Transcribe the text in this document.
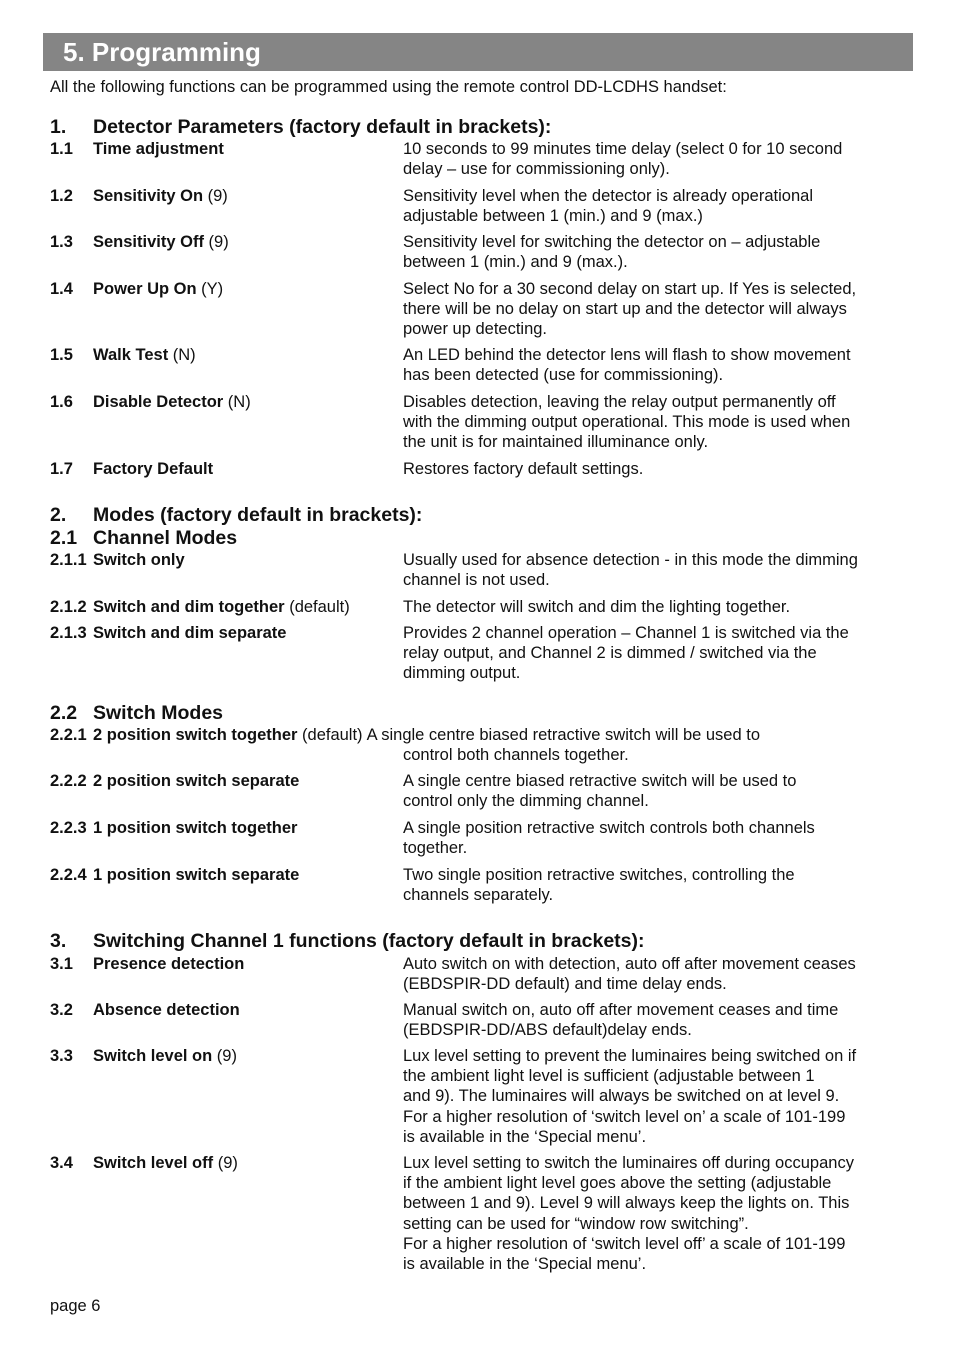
5. Programming
All the following functions can be programmed using the remote control DD-LCDHS handset:
1. Detector Parameters (factory default in brackets):
1.1 Time adjustment	10 seconds to 99 minutes time delay (select 0 for 10 second
delay – use for commissioning only).
1.2 Sensitivity On (9)	Sensitivity level when the detector is already operational
adjustable between 1 (min.) and 9 (max.)
1.3 Sensitivity Off (9)	Sensitivity level for switching the detector on – adjustable
between 1 (min.) and 9 (max.).
1.4 Power Up On (Y)	Select No for a 30 second delay on start up. If Yes is selected,
there will be no delay on start up and the detector will always
power up detecting.
1.5 Walk Test (N)	An LED behind the detector lens will flash to show movement
has been detected (use for commissioning).
1.6 Disable Detector (N)	Disables detection, leaving the relay output permanently off
with the dimming output operational. This mode is used when
the unit is for maintained illuminance only.
1.7 Factory Default	Restores factory default settings.
2. Modes (factory default in brackets):
2.1 Channel Modes
2.1.1 Switch only	Usually used for absence detection - in this mode the dimming
channel is not used.
2.1.2 Switch and dim together (default)	The detector will switch and dim the lighting together.
2.1.3 Switch and dim separate	Provides 2 channel operation – Channel 1 is switched via the
relay output, and Channel 2 is dimmed / switched via the
dimming output.
2.2 Switch Modes
2.2.1 2 position switch together (default) A single centre biased retractive switch will be used to
control both channels together.
2.2.2 2 position switch separate	A single centre biased retractive switch will be used to
control only the dimming channel.
2.2.3 1 position switch together	A single position retractive switch controls both channels
together.
2.2.4 1 position switch separate	Two single position retractive switches, controlling the
channels separately.
3. Switching Channel 1 functions (factory default in brackets):
3.1 Presence detection	Auto switch on with detection, auto off after movement ceases
(EBDSPIR-DD default) and time delay ends.
3.2 Absence detection	Manual switch on, auto off after movement ceases and time
(EBDSPIR-DD/ABS default)delay ends.
3.3 Switch level on (9)	Lux level setting to prevent the luminaires being switched on if
the ambient light level is sufficient (adjustable between 1
and 9). The luminaires will always be switched on at level 9.
For a higher resolution of ‘switch level on’ a scale of 101-199
is available in the ‘Special menu’.
3.4 Switch level off (9)	Lux level setting to switch the luminaires off during occupancy
if the ambient light level goes above the setting (adjustable
between 1 and 9). Level 9 will always keep the lights on. This
setting can be used for “window row switching”.
For a higher resolution of ‘switch level off’ a scale of 101-199
is available in the ‘Special menu’.
page 6
